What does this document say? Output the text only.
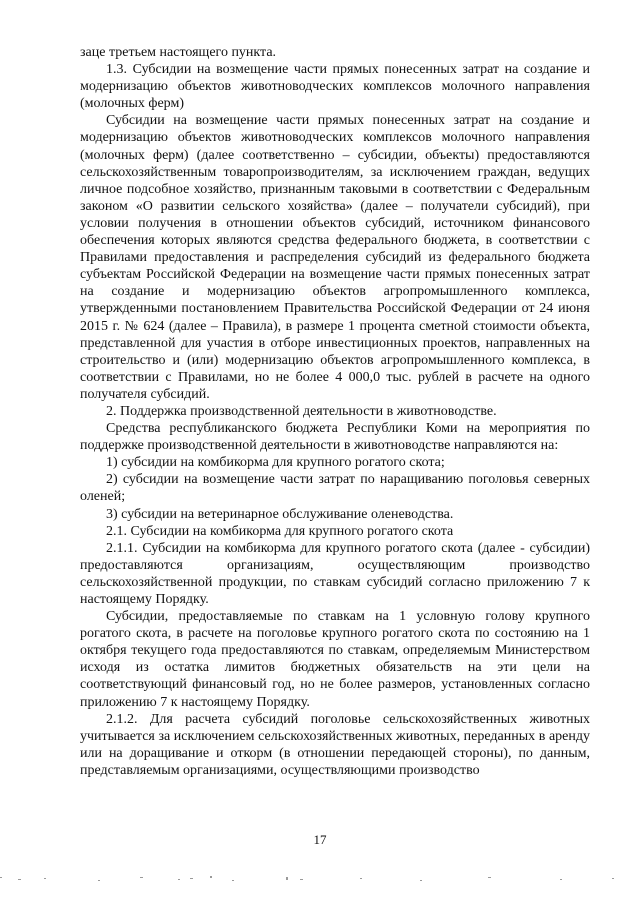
заце третьем настоящего пункта.

1.3. Субсидии на возмещение части прямых понесенных затрат на создание и модернизацию объектов животноводческих комплексов молочного направления (молочных ферм)

Субсидии на возмещение части прямых понесенных затрат на создание и модернизацию объектов животноводческих комплексов молочного направления (молочных ферм) (далее соответственно – субсидии, объекты) предоставляются сельскохозяйственным товаропроизводителям, за исключением граждан, ведущих личное подсобное хозяйство, признанным таковыми в соответствии с Федеральным законом «О развитии сельского хозяйства» (далее – получатели субсидий), при условии получения в отношении объектов субсидий, источником финансового обеспечения которых являются средства федерального бюджета, в соответствии с Правилами предоставления и распределения субсидий из федерального бюджета субъектам Российской Федерации на возмещение части прямых понесенных затрат на создание и модернизацию объектов агропромышленного комплекса, утвержденными постановлением Правительства Российской Федерации от 24 июня 2015 г. № 624 (далее – Правила), в размере 1 процента сметной стоимости объекта, представленной для участия в отборе инвестиционных проектов, направленных на строительство и (или) модернизацию объектов агропромышленного комплекса, в соответствии с Правилами, но не более 4 000,0 тыс. рублей в расчете на одного получателя субсидий.

2. Поддержка производственной деятельности в животноводстве.

Средства республиканского бюджета Республики Коми на мероприятия по поддержке производственной деятельности в животноводстве направляются на:

1) субсидии на комбикорма для крупного рогатого скота;

2) субсидии на возмещение части затрат по наращиванию поголовья северных оленей;

3) субсидии на ветеринарное обслуживание оленеводства.

2.1. Субсидии на комбикорма для крупного рогатого скота

2.1.1. Субсидии на комбикорма для крупного рогатого скота (далее - субсидии) предоставляются организациям, осуществляющим производство сельскохозяйственной продукции, по ставкам субсидий согласно приложению 7 к настоящему Порядку.

Субсидии, предоставляемые по ставкам на 1 условную голову крупного рогатого скота, в расчете на поголовье крупного рогатого скота по состоянию на 1 октября текущего года предоставляются по ставкам, определяемым Министерством исходя из остатка лимитов бюджетных обязательств на эти цели на соответствующий финансовый год, но не более размеров, установленных согласно приложению 7 к настоящему Порядку.

2.1.2. Для расчета субсидий поголовье сельскохозяйственных животных учитывается за исключением сельскохозяйственных животных, переданных в аренду или на доращивание и откорм (в отношении передающей стороны), по данным, представляемым организациями, осуществляющими производство

17
